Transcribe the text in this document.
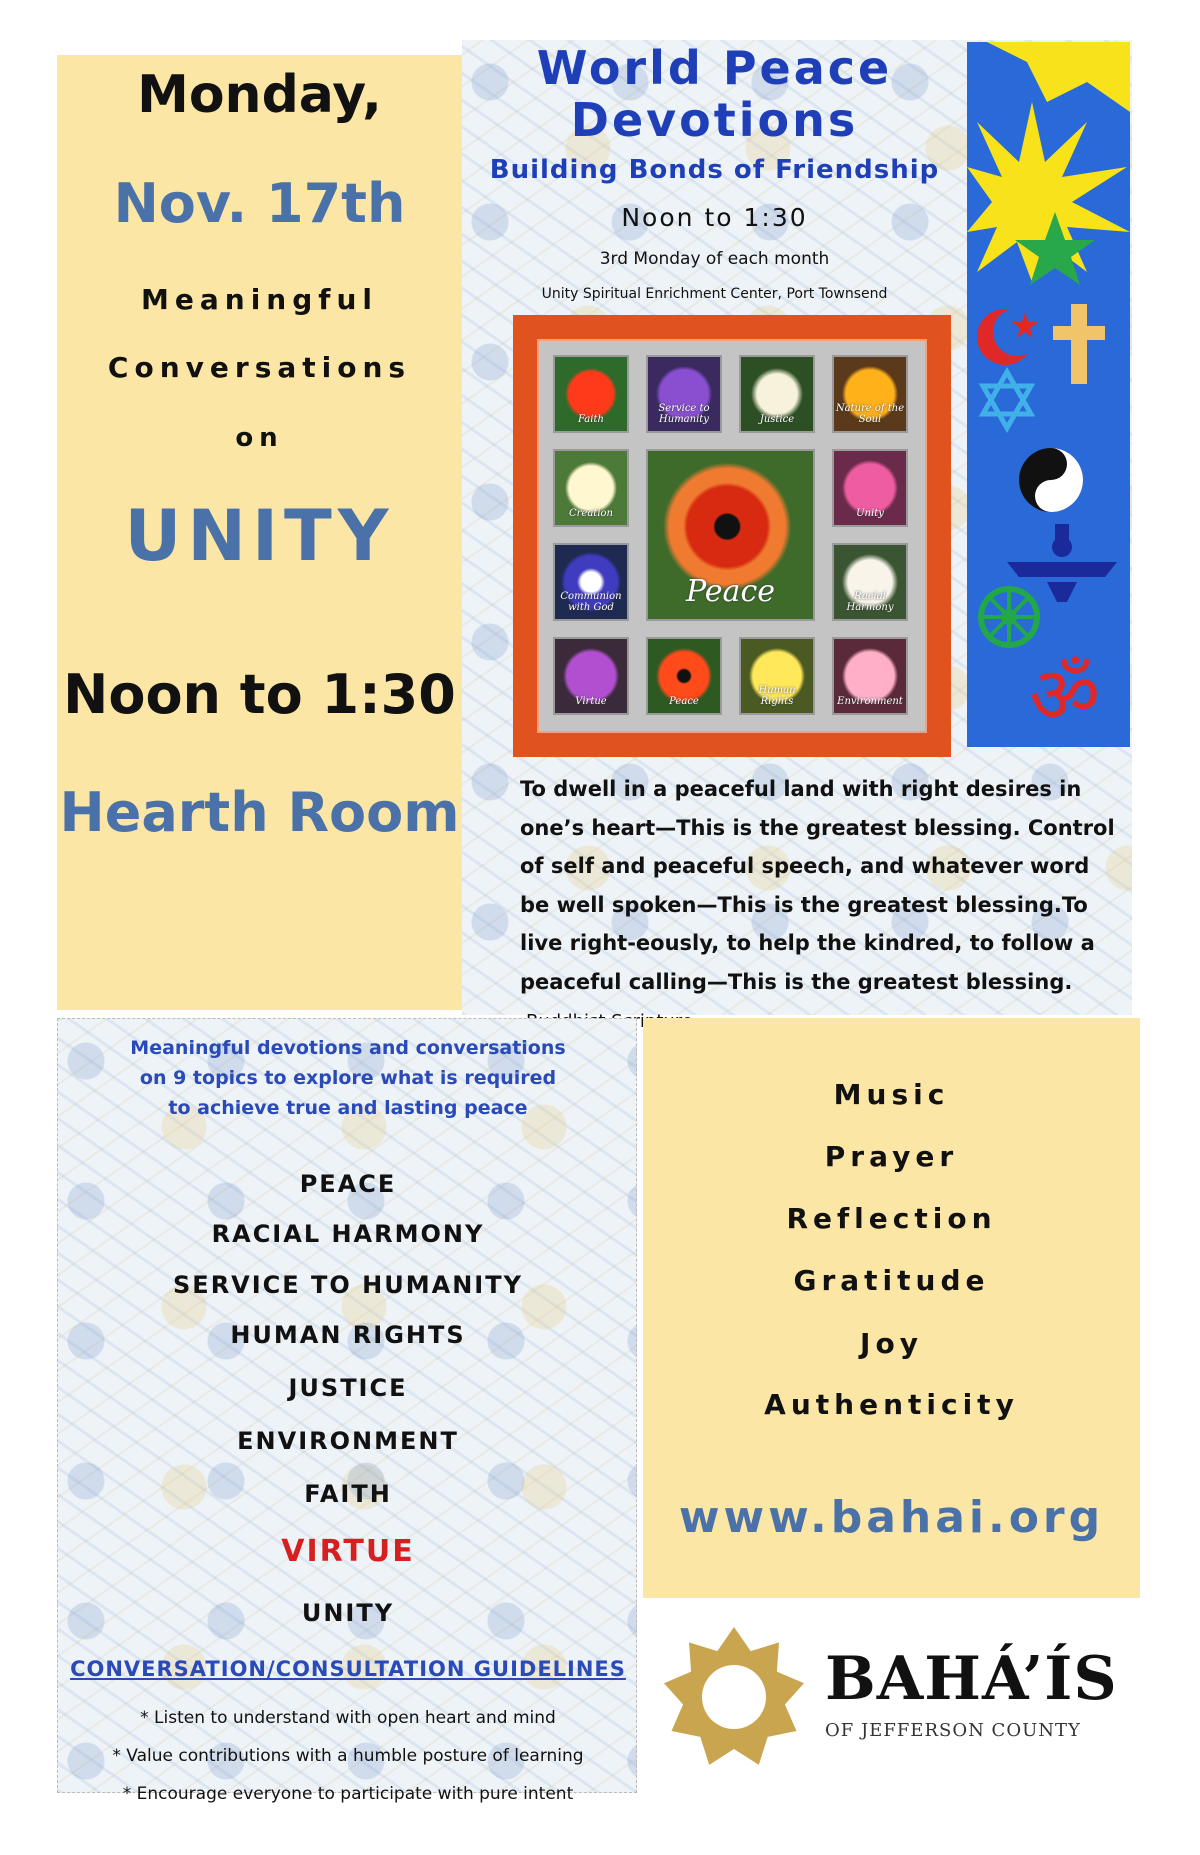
Monday,
Nov. 17th
Meaningful
Conversations
on
UNITY
Noon to 1:30
Hearth Room
World Peace
Devotions
Building Bonds of Friendship
Noon to 1:30
3rd Monday of each month
Unity Spiritual Enrichment Center, Port Townsend
Faith
Service to Humanity	Justice
Nature of the Soul
Creation	Unity
Communion with God
Racial Harmony
Virtue	Peace
Human Rights	Environment
Peace
ॐ
To dwell in a peaceful land with right desires in one’s heart—This is the greatest blessing. Control of self and peaceful speech, and whatever word be well spoken—This is the greatest blessing.To live right-eously, to help the kindred, to follow a peaceful calling—This is the greatest blessing.
Meaningful devotions and conversations
on 9 topics to explore what is required
to achieve true and lasting peace
PEACE
RACIAL HARMONY
SERVICE TO HUMANITY
HUMAN RIGHTS
JUSTICE
ENVIRONMENT
FAITH
VIRTUE
UNITY
CONVERSATION/CONSULTATION GUIDELINES
* Listen to understand with open heart and mind
* Value contributions with a humble posture of learning
* Encourage everyone to participate with pure intent
Music
Prayer
Reflection
Gratitude
Joy
Authenticity
www.bahai.org
BAHÁ’ÍS
OF JEFFERSON COUNTY
